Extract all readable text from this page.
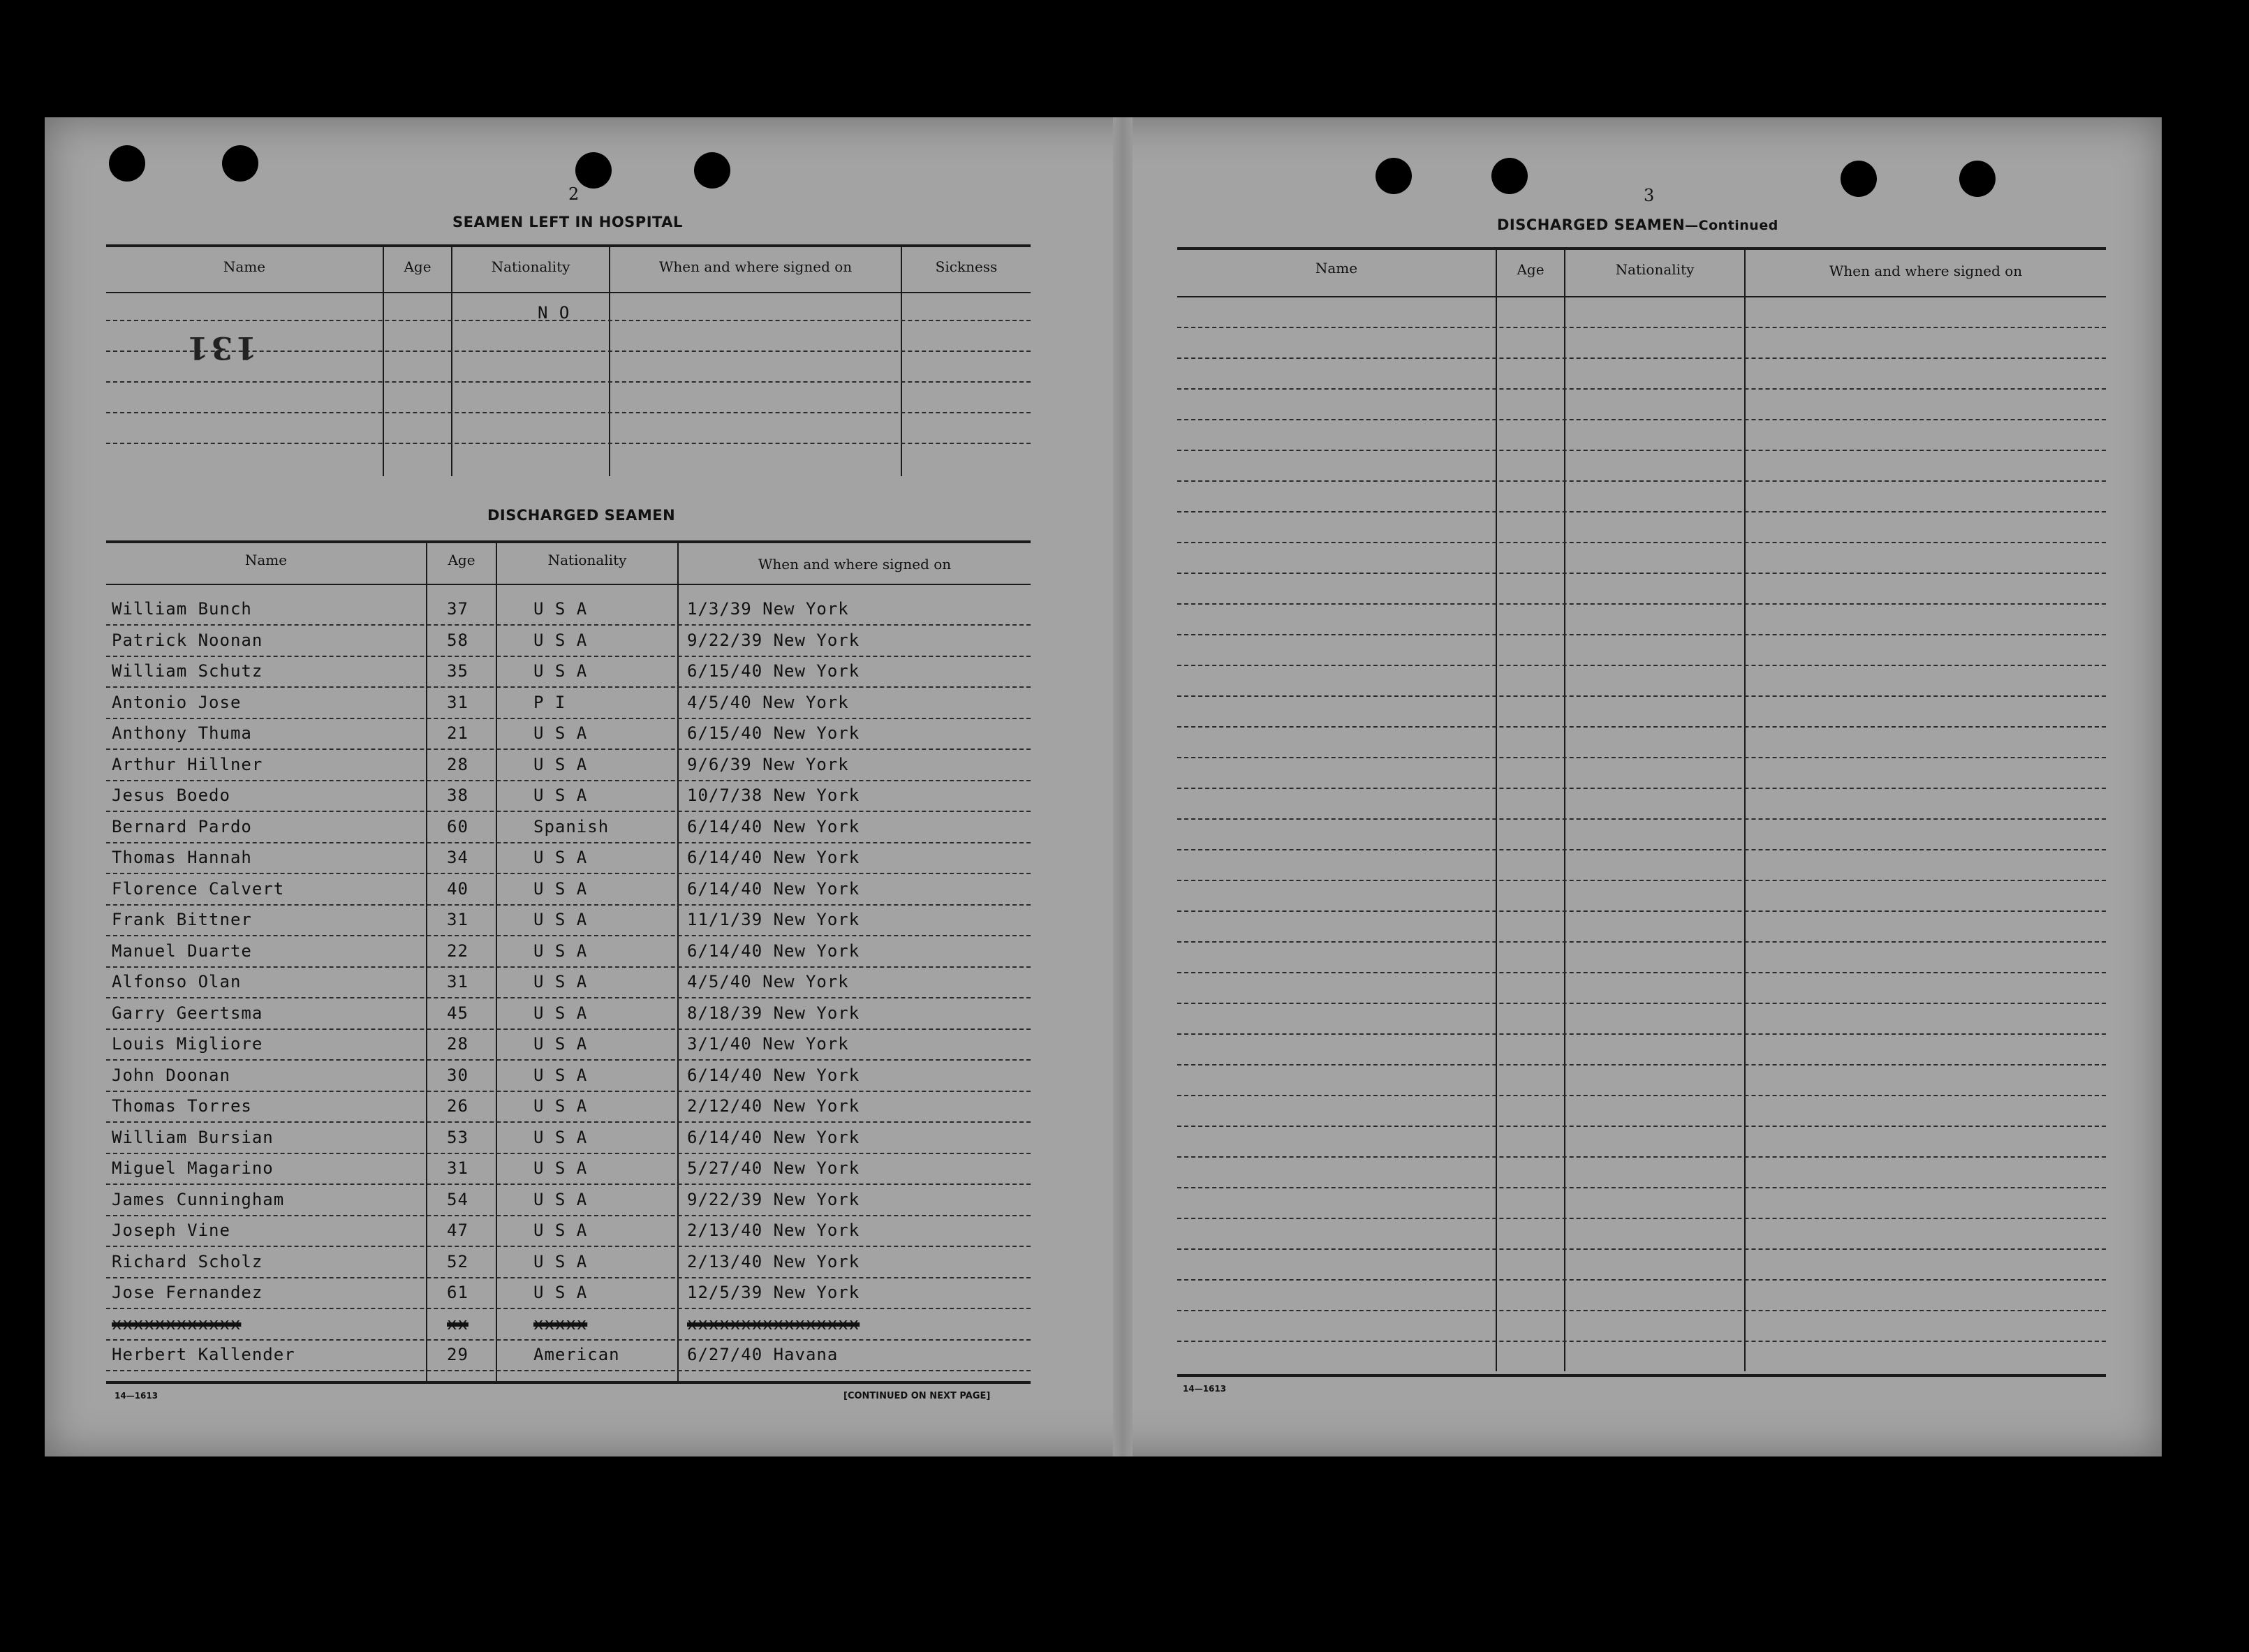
2
SEAMEN LEFT IN HOSPITAL
Name	Age	Nationality	When and where signed on	Sickness
N O
131
DISCHARGED SEAMEN
Name	Age	Nationality	When and where signed on
William Bunch	37	U S A	1/3/39 New York
Patrick Noonan	58	U S A	9/22/39 New York
William Schutz	35	U S A	6/15/40 New York
Antonio Jose	31	P I	4/5/40 New York
Anthony Thuma	21	U S A	6/15/40 New York
Arthur Hillner	28	U S A	9/6/39 New York
Jesus Boedo	38	U S A	10/7/38 New York
Bernard Pardo	60	Spanish	6/14/40 New York
Thomas Hannah	34	U S A	6/14/40 New York
Florence Calvert	40	U S A	6/14/40 New York
Frank Bittner	31	U S A	11/1/39 New York
Manuel Duarte	22	U S A	6/14/40 New York
Alfonso Olan	31	U S A	4/5/40 New York
Garry Geertsma	45	U S A	8/18/39 New York
Louis Migliore	28	U S A	3/1/40 New York
John Doonan	30	U S A	6/14/40 New York
Thomas Torres	26	U S A	2/12/40 New York
William Bursian	53	U S A	6/14/40 New York
Miguel Magarino	31	U S A	5/27/40 New York
James Cunningham	54	U S A	9/22/39 New York
Joseph Vine	47	U S A	2/13/40 New York
Richard Scholz	52	U S A	2/13/40 New York
Jose Fernandez	61	U S A	12/5/39 New York
xxxxxxxxxxxx	xx	xxxxx	xxxxxxxxxxxxxxxx
Herbert Kallender	29	American	6/27/40 Havana
14—1613	[CONTINUED ON NEXT PAGE]
3
DISCHARGED SEAMEN—Continued
Name	Age	Nationality	When and where signed on
14—1613
